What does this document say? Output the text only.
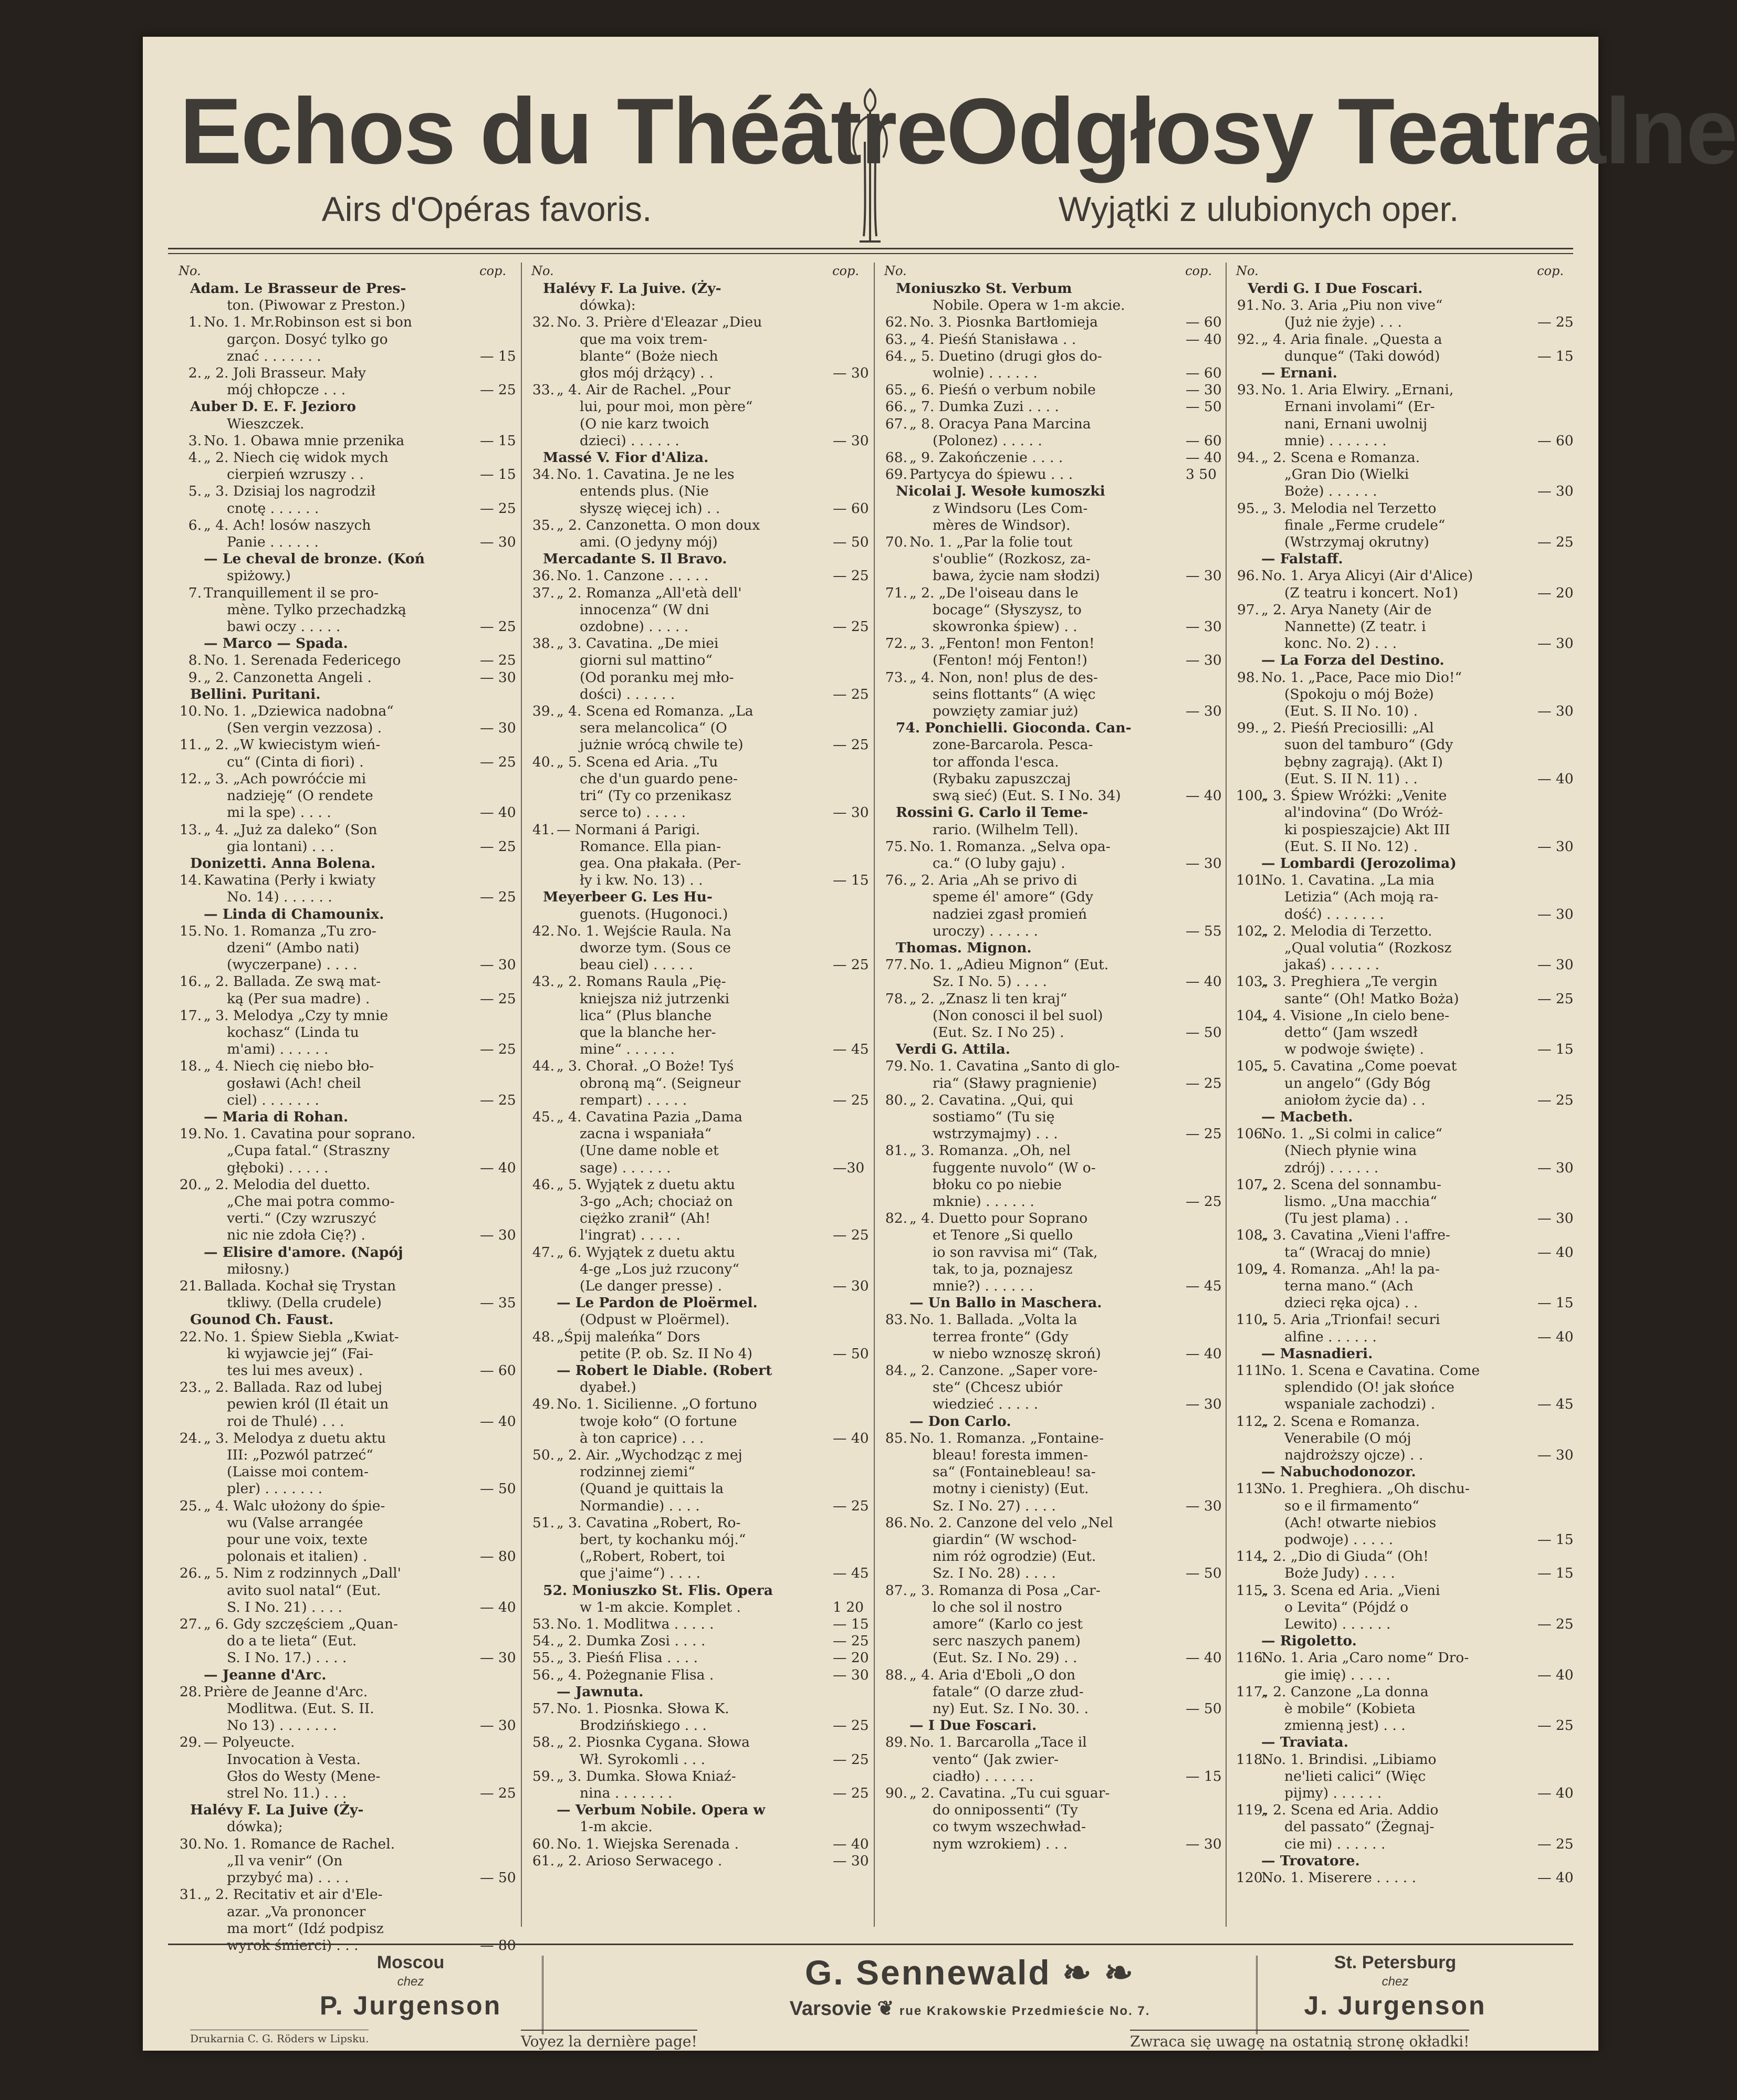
Echos du Théâtre
Odgłosy Teatralne
Airs d'Opéras favoris.	Wyjątki z ulubionych oper.
No.	cop.
Adam. Le Brasseur de Pres-
ton. (Piwowar z Preston.)
1. No. 1. Mr.Robinson est si bon
garçon. Dosyć tylko go
znać . . . . . . .	— 15
2. „ 2. Joli Brasseur. Mały
mój chłopcze . . .	— 25
Auber D. E. F. Jezioro
Wieszczek.
3. No. 1. Obawa mnie przenika	— 15
4. „ 2. Niech cię widok mych
cierpień wzruszy . .	— 15
5. „ 3. Dzisiaj los nagrodził
cnotę . . . . . .	— 25
6. „ 4. Ach! losów naszych
Panie . . . . . .	— 30
— Le cheval de bronze. (Koń
spiżowy.)
7. Tranquillement il se pro-
mène. Tylko przechadzką
bawi oczy . . . . .	— 25
— Marco — Spada.
8. No. 1. Serenada Federicego	— 25
9. „ 2. Canzonetta Angeli .	— 30
Bellini. Puritani.
10. No. 1. „Dziewica nadobna“
(Sen vergin vezzosa) .	— 30
11. „ 2. „W kwiecistym wień-
cu“ (Cinta di fiori) .	— 25
12. „ 3. „Ach powróćcie mi
nadzieję“ (O rendete
mi la spe) . . . .	— 40
13. „ 4. „Już za daleko“ (Son
gia lontani) . . .	— 25
Donizetti. Anna Bolena.
14. Kawatina (Perły i kwiaty
No. 14) . . . . . .	— 25
— Linda di Chamounix.
15. No. 1. Romanza „Tu zro-
dzeni“ (Ambo nati)
(wyczerpane) . . . .	— 30
16. „ 2. Ballada. Ze swą mat-
ką (Per sua madre) .	— 25
17. „ 3. Melodya „Czy ty mnie
kochasz“ (Linda tu
m'ami) . . . . . .	— 25
18. „ 4. Niech cię niebo bło-
gosławi (Ach! cheil
ciel) . . . . . . .	— 25
— Maria di Rohan.
19. No. 1. Cavatina pour soprano.
„Cupa fatal.“ (Straszny
głęboki) . . . . .	— 40
20. „ 2. Melodia del duetto.
„Che mai potra commo-
verti.“ (Czy wzruszyć
nic nie zdoła Cię?) .	— 30
— Elisire d'amore. (Napój
miłosny.)
21. Ballada. Kochał się Trystan
tkliwy. (Della crudele)	— 35
Gounod Ch. Faust.
22. No. 1. Śpiew Siebla „Kwiat-
ki wyjawcie jej“ (Fai-
tes lui mes aveux) .	— 60
23. „ 2. Ballada. Raz od lubej
pewien król (Il était un
roi de Thulé) . . .	— 40
24. „ 3. Melodya z duetu aktu
III: „Pozwól patrzeć“
(Laisse moi contem-
pler) . . . . . . .	— 50
25. „ 4. Walc ułożony do śpie-
wu (Valse arrangée
pour une voix, texte
polonais et italien) .	— 80
26. „ 5. Nim z rodzinnych „Dall'
avito suol natal“ (Eut.
S. I No. 21) . . . .	— 40
27. „ 6. Gdy szczęściem „Quan-
do a te lieta“ (Eut.
S. I No. 17.) . . . .	— 30
— Jeanne d'Arc.
28. Prière de Jeanne d'Arc.
Modlitwa. (Eut. S. II.
No 13) . . . . . . .	— 30
29. — Polyeucte.
Invocation à Vesta.
Głos do Westy (Mene-
strel No. 11.) . . .	— 25
Halévy F. La Juive (Ży-
dówka);
30. No. 1. Romance de Rachel.
„Il va venir“ (On
przybyć ma) . . . .	— 50
31. „ 2. Recitativ et air d'Ele-
azar. „Va prononcer
ma mort“ (Idź podpisz
wyrok śmierci) . . .	— 80
No.	cop.
Halévy F. La Juive. (Ży-
dówka):
32. No. 3. Prière d'Eleazar „Dieu
que ma voix trem-
blante“ (Boże niech
głos mój drżący) . .	— 30
33. „ 4. Air de Rachel. „Pour
lui, pour moi, mon père“
(O nie karz twoich
dzieci) . . . . . .	— 30
Massé V. Fior d'Aliza.
34. No. 1. Cavatina. Je ne les
entends plus. (Nie
słyszę więcej ich) . .	— 60
35. „ 2. Canzonetta. O mon doux
ami. (O jedyny mój)	— 50
Mercadante S. Il Bravo.
36. No. 1. Canzone . . . . .	— 25
37. „ 2. Romanza „All'età dell'
innocenza“ (W dni
ozdobne) . . . . .	— 25
38. „ 3. Cavatina. „De miei
giorni sul mattino“
(Od poranku mej mło-
dości) . . . . . .	— 25
39. „ 4. Scena ed Romanza. „La
sera melancolica“ (O
jużnie wrócą chwile te)	— 25
40. „ 5. Scena ed Aria. „Tu
che d'un guardo pene-
tri“ (Ty co przenikasz
serce to) . . . . .	— 30
41. — Normani á Parigi.
Romance. Ella pian-
gea. Ona płakała. (Per-
ły i kw. No. 13) . .	— 15
Meyerbeer G. Les Hu-
guenots. (Hugonoci.)
42. No. 1. Wejście Raula. Na
dworze tym. (Sous ce
beau ciel) . . . . .	— 25
43. „ 2. Romans Raula „Pię-
kniejsza niż jutrzenki
lica“ (Plus blanche
que la blanche her-
mine“ . . . . . .	— 45
44. „ 3. Chorał. „O Boże! Tyś
obroną mą“. (Seigneur
rempart) . . . . .	— 25
45. „ 4. Cavatina Pazia „Dama
zacna i wspaniała“
(Une dame noble et
sage) . . . . . .	—30
46. „ 5. Wyjątek z duetu aktu
3-go „Ach; chociaż on
ciężko zranił“ (Ah!
l'ingrat) . . . . .	— 25
47. „ 6. Wyjątek z duetu aktu
4-ge „Los już rzucony“
(Le danger presse) .	— 30
— Le Pardon de Ploërmel.
(Odpust w Ploërmel).
48. „Śpij maleńka“ Dors
petite (P. ob. Sz. II No 4)	— 50
— Robert le Diable. (Robert
dyabeł.)
49. No. 1. Sicilienne. „O fortuno
twoje koło“ (O fortune
à ton caprice) . . .	— 40
50. „ 2. Air. „Wychodząc z mej
rodzinnej ziemi“
(Quand je quittais la
Normandie) . . . .	— 25
51. „ 3. Cavatina „Robert, Ro-
bert, ty kochanku mój.“
(„Robert, Robert, toi
que j'aime“) . . . .	— 45
52. Moniuszko St. Flis. Opera
w 1-m akcie. Komplet .	1 20
53. No. 1. Modlitwa . . . . .	— 15
54. „ 2. Dumka Zosi . . . .	— 25
55. „ 3. Pieśń Flisa . . . .	— 20
56. „ 4. Pożegnanie Flisa .	— 30
— Jawnuta.
57. No. 1. Piosnka. Słowa K.
Brodzińskiego . . .	— 25
58. „ 2. Piosnka Cygana. Słowa
Wł. Syrokomli . . .	— 25
59. „ 3. Dumka. Słowa Kniaź-
nina . . . . . . .	— 25
— Verbum Nobile. Opera w
1-m akcie.
60. No. 1. Wiejska Serenada .	— 40
61. „ 2. Arioso Serwacego .	— 30
No.	cop.
Moniuszko St. Verbum
Nobile. Opera w 1-m akcie.
62. No. 3. Piosnka Bartłomieja	— 60
63. „ 4. Pieśń Stanisława . .	— 40
64. „ 5. Duetino (drugi głos do-
wolnie) . . . . . .	— 60
65. „ 6. Pieśń o verbum nobile	— 30
66. „ 7. Dumka Zuzi . . . .	— 50
67. „ 8. Oracya Pana Marcina
(Polonez) . . . . .	— 60
68. „ 9. Zakończenie . . . .	— 40
69. Partycya do śpiewu . . .	3 50
Nicolai J. Wesołe kumoszki
z Windsoru (Les Com-
mères de Windsor).
70. No. 1. „Par la folie tout
s'oublie“ (Rozkosz, za-
bawa, życie nam słodzi)	— 30
71. „ 2. „De l'oiseau dans le
bocage“ (Słyszysz, to
skowronka śpiew) . .	— 30
72. „ 3. „Fenton! mon Fenton!
(Fenton! mój Fenton!)	— 30
73. „ 4. Non, non! plus de des-
seins flottants“ (A więc
powzięty zamiar już)	— 30
74. Ponchielli. Gioconda. Can-
zone-Barcarola. Pesca-
tor affonda l'esca.
(Rybaku zapuszczaj
swą sieć) (Eut. S. I No. 34)	— 40
Rossini G. Carlo il Teme-
rario. (Wilhelm Tell).
75. No. 1. Romanza. „Selva opa-
ca.“ (O luby gaju) .	— 30
76. „ 2. Aria „Ah se privo di
speme él' amore“ (Gdy
nadziei zgasł promień
uroczy) . . . . . .	— 55
Thomas. Mignon.
77. No. 1. „Adieu Mignon“ (Eut.
Sz. I No. 5) . . . .	— 40
78. „ 2. „Znasz li ten kraj“
(Non conosci il bel suol)
(Eut. Sz. I No 25) .	— 50
Verdi G. Attila.
79. No. 1. Cavatina „Santo di glo-
ria“ (Sławy pragnienie)	— 25
80. „ 2. Cavatina. „Qui, qui
sostiamo“ (Tu się
wstrzymajmy) . . .	— 25
81. „ 3. Romanza. „Oh, nel
fuggente nuvolo“ (W o-
błoku co po niebie
mknie) . . . . . .	— 25
82. „ 4. Duetto pour Soprano
et Tenore „Si quello
io son ravvisa mi“ (Tak,
tak, to ja, poznajesz
mnie?) . . . . . .	— 45
— Un Ballo in Maschera.
83. No. 1. Ballada. „Volta la
terrea fronte“ (Gdy
w niebo wznoszę skroń)	— 40
84. „ 2. Canzone. „Saper vore-
ste“ (Chcesz ubiór
wiedzieć . . . . .	— 30
— Don Carlo.
85. No. 1. Romanza. „Fontaine-
bleau! foresta immen-
sa“ (Fontainebleau! sa-
motny i cienisty) (Eut.
Sz. I No. 27) . . . .	— 30
86. No. 2. Canzone del velo „Nel
giardin“ (W wschod-
nim róż ogrodzie) (Eut.
Sz. I No. 28) . . . .	— 50
87. „ 3. Romanza di Posa „Car-
lo che sol il nostro
amore“ (Karlo co jest
serc naszych panem)
(Eut. Sz. I No. 29) . .	— 40
88. „ 4. Aria d'Eboli „O don
fatale“ (O darze złud-
ny) Eut. Sz. I No. 30. .	— 50
— I Due Foscari.
89. No. 1. Barcarolla „Tace il
vento“ (Jak zwier-
ciadło) . . . . . .	— 15
90. „ 2. Cavatina. „Tu cui sguar-
do onnipossenti“ (Ty
co twym wszechwład-
nym wzrokiem) . . .	— 30
No.	cop.
Verdi G. I Due Foscari.
91. No. 3. Aria „Piu non vive“
(Już nie żyje) . . .	— 25
92. „ 4. Aria finale. „Questa a
dunque“ (Taki dowód)	— 15
— Ernani.
93. No. 1. Aria Elwiry. „Ernani,
Ernani involami“ (Er-
nani, Ernani uwolnij
mnie) . . . . . . .	— 60
94. „ 2. Scena e Romanza.
„Gran Dio (Wielki
Boże) . . . . . .	— 30
95. „ 3. Melodia nel Terzetto
finale „Ferme crudele“
(Wstrzymaj okrutny)	— 25
— Falstaff.
96. No. 1. Arya Alicyi (Air d'Alice)
(Z teatru i koncert. No1)	— 20
97. „ 2. Arya Nanety (Air de
Nannette) (Z teatr. i
konc. No. 2) . . .	— 30
— La Forza del Destino.
98. No. 1. „Pace, Pace mio Dio!“
(Spokoju o mój Boże)
(Eut. S. II No. 10) .	— 30
99. „ 2. Pieśń Preciosilli: „Al
suon del tamburo“ (Gdy
bębny zagrają). (Akt I)
(Eut. S. II N. 11) . .	— 40
100.
„ 3. Śpiew Wróżki: „Venite
al'indovina“ (Do Wróż-
ki pospieszajcie) Akt III
(Eut. S. II No. 12) .	— 30
— Lombardi (Jerozolima)
101.
No. 1. Cavatina. „La mia
Letizia“ (Ach moją ra-
dość) . . . . . . .	— 30
102.
„ 2. Melodia di Terzetto.
„Qual volutia“ (Rozkosz
jakaś) . . . . . .	— 30
103.
„ 3. Preghiera „Te vergin
sante“ (Oh! Matko Boża)	— 25
104.
„ 4. Visione „In cielo bene-
detto“ (Jam wszedł
w podwoje święte) .	— 15
105.
„ 5. Cavatina „Come poevat
un angelo“ (Gdy Bóg
aniołom życie da) . .	— 25
— Macbeth.
106.
No. 1. „Si colmi in calice“
(Niech płynie wina
zdrój) . . . . . .	— 30
107.
„ 2. Scena del sonnambu-
lismo. „Una macchia“
(Tu jest plama) . .	— 30
108.
„ 3. Cavatina „Vieni l'affre-
ta“ (Wracaj do mnie)	— 40
109.
„ 4. Romanza. „Ah! la pa-
terna mano.“ (Ach
dzieci ręka ojca) . .	— 15
110.
„ 5. Aria „Trionfai! securi
alfine . . . . . .	— 40
— Masnadieri.
111.
No. 1. Scena e Cavatina. Come
splendido (O! jak słońce
wspaniale zachodzi) .	— 45
112.
„ 2. Scena e Romanza.
Venerabile (O mój
najdroższy ojcze) . .	— 30
— Nabuchodonozor.
113.
No. 1. Preghiera. „Oh dischu-
so e il firmamento“
(Ach! otwarte niebios
podwoje) . . . . .	— 15
114.
„ 2. „Dio di Giuda“ (Oh!
Boże Judy) . . . .	— 15
115.
„ 3. Scena ed Aria. „Vieni
o Levita“ (Pójdź o
Lewito) . . . . . .	— 25
— Rigoletto.
116.
No. 1. Aria „Caro nome“ Dro-
gie imię) . . . . .	— 40
117.
„ 2. Canzone „La donna
è mobile“ (Kobieta
zmienną jest) . . .	— 25
— Traviata.
118.
No. 1. Brindisi. „Libiamo
ne'lieti calici“ (Więc
pijmy) . . . . . .	— 40
119.
„ 2. Scena ed Aria. Addio
del passato“ (Żegnaj-
cie mi) . . . . . .	— 25
— Trovatore.
120.
No. 1. Miserere . . . . .	— 40
Moscou
chez
P. Jurgenson
G. Sennewald ❧ ❧
Varsovie ❦ rue Krakowskie Przedmieście No. 7.
St. Petersburg
chez
J. Jurgenson
Drukarnia C. G. Röders w Lipsku.	Voyez la dernière page!	Zwraca się uwagę na ostatnią stronę okładki!
